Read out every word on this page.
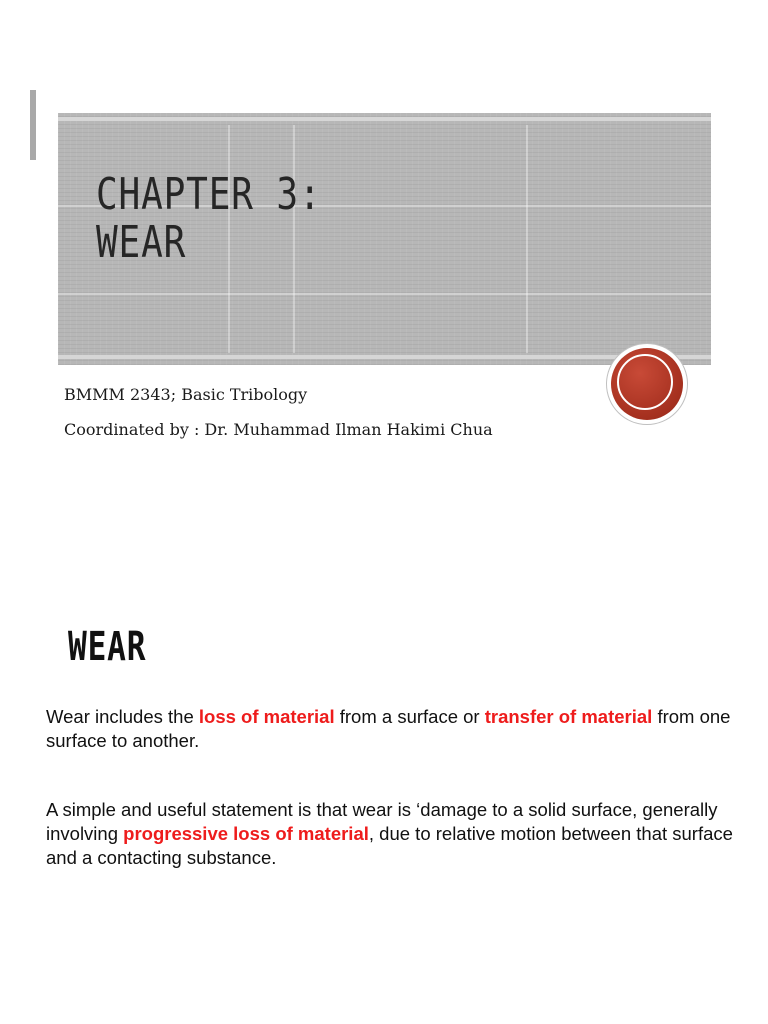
CHAPTER 3:
WEAR
BMMM 2343; Basic Tribology
Coordinated by : Dr. Muhammad Ilman Hakimi Chua
WEAR

Wear includes the loss of material from a surface or transfer of material from one surface to another.

A simple and useful statement is that wear is ‘damage to a solid surface, generally involving progressive loss of material, due to relative motion between that surface and a contacting substance.
